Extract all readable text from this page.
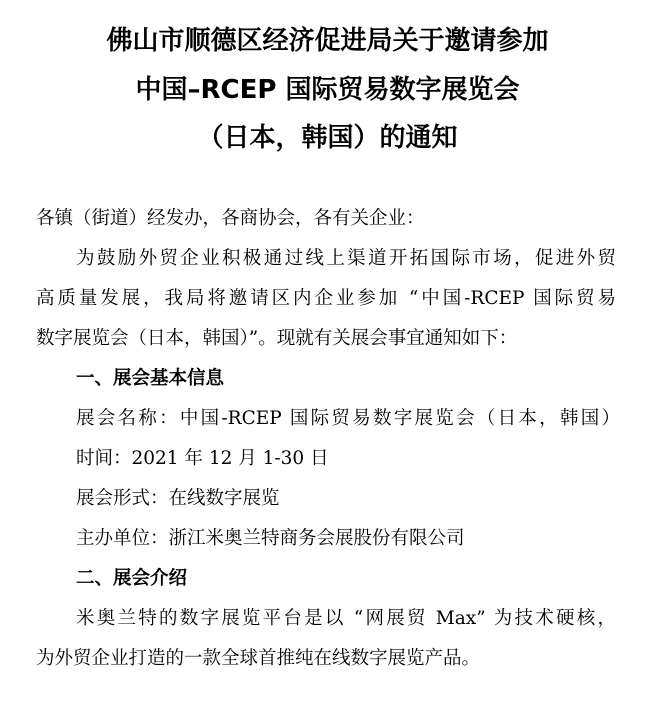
佛山市顺德区经济促进局关于邀请参加
中国–RCEP 国际贸易数字展览会
（日本，韩国）的通知
各镇（街道）经发办，各商协会，各有关企业：
为鼓励外贸企业积极通过线上渠道开拓国际市场，促进外贸
高质量发展，我局将邀请区内企业参加 “中国-RCEP 国际贸易
数字展览会（日本，韩国）”。现就有关展会事宜通知如下：
一、展会基本信息
展会名称：中国-RCEP 国际贸易数字展览会（日本，韩国）
时间：2021 年 12 月 1-30 日
展会形式：在线数字展览
主办单位：浙江米奥兰特商务会展股份有限公司
二、展会介绍
米奥兰特的数字展览平台是以 “网展贸 Max” 为技术硬核，
为外贸企业打造的一款全球首推纯在线数字展览产品。
